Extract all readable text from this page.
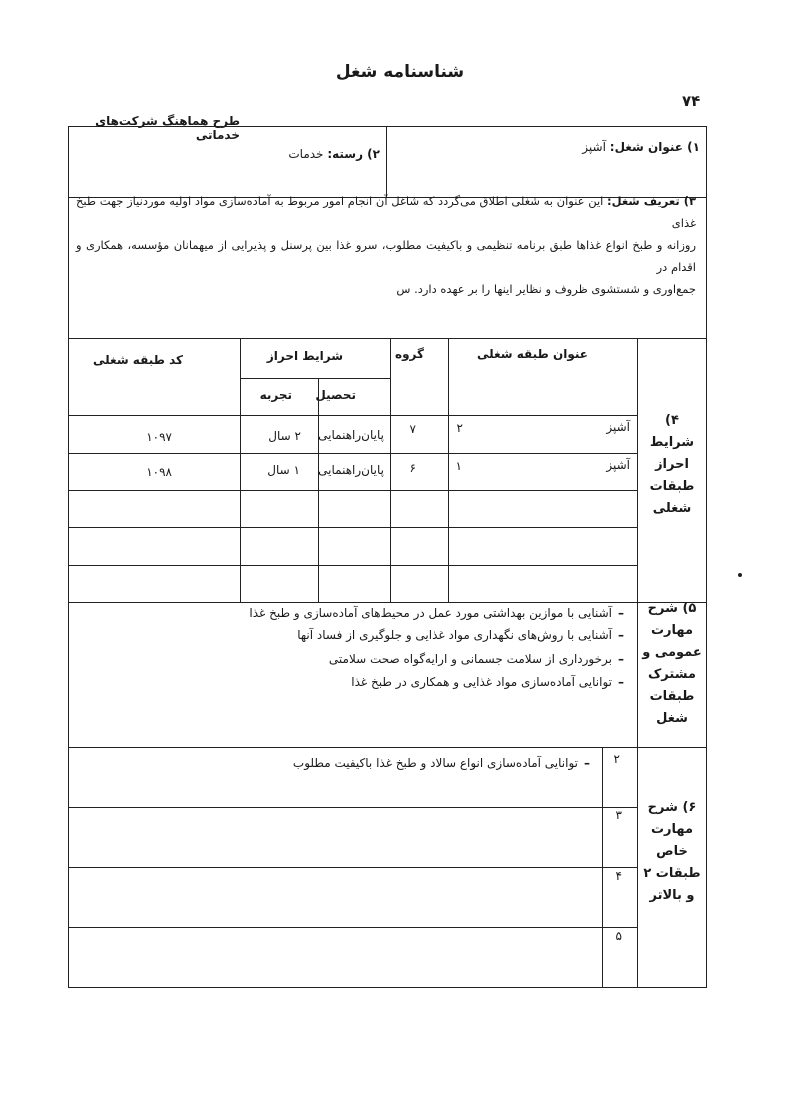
شناسنامه شغل
۷۴
طرح هماهنگ شرکت‌های خدماتی
۱) عنوان شغل: آشپز
۲) رسته: خدمات
۳) تعریف شغل: این عنوان به شغلی اطلاق می‌گردد که شاغل آن انجام امور مربوط به آماده‌سازی مواد اولیه موردنیاز جهت طبخ غذای
روزانه و طبخ انواع غذاها طبق برنامه تنظیمی و باکیفیت مطلوب، سرو غذا بین پرسنل و پذیرایی از میهمانان مؤسسه، همکاری و اقدام در
جمع‌اوری و شستشوی ظروف و نظایر اینها را بر عهده دارد. س
۴) شرایط احراز طبقات شغلی
عنوان طبقه شغلی
گروه
شرایط احراز
کد طبقه شغلی
تحصیل
تجربه
آشپز
۲
۷
پایان‌راهنمایی
۲ سال
۱۰۹۷
آشپز
۱
۶
پایان‌راهنمایی
۱ سال
۱۰۹۸
۵) شرح مهارت عمومی و مشترک طبقات شغل
–آشنایی با موازین بهداشتی مورد عمل در محیط‌های آماده‌سازی و طبخ غذا
–آشنایی با روش‌های نگهداری مواد غذایی و جلوگیری از فساد آنها
–برخورداری از سلامت جسمانی و ارایه‌گواه صحت سلامتی
–توانایی آماده‌سازی مواد غذایی و همکاری در طبخ غذا
۶) شرح مهارت خاص طبقات ۲ و بالاتر
۲
۳
۴
۵
–توانایی آماده‌سازی انواع سالاد و طبخ غذا باکیفیت مطلوب
